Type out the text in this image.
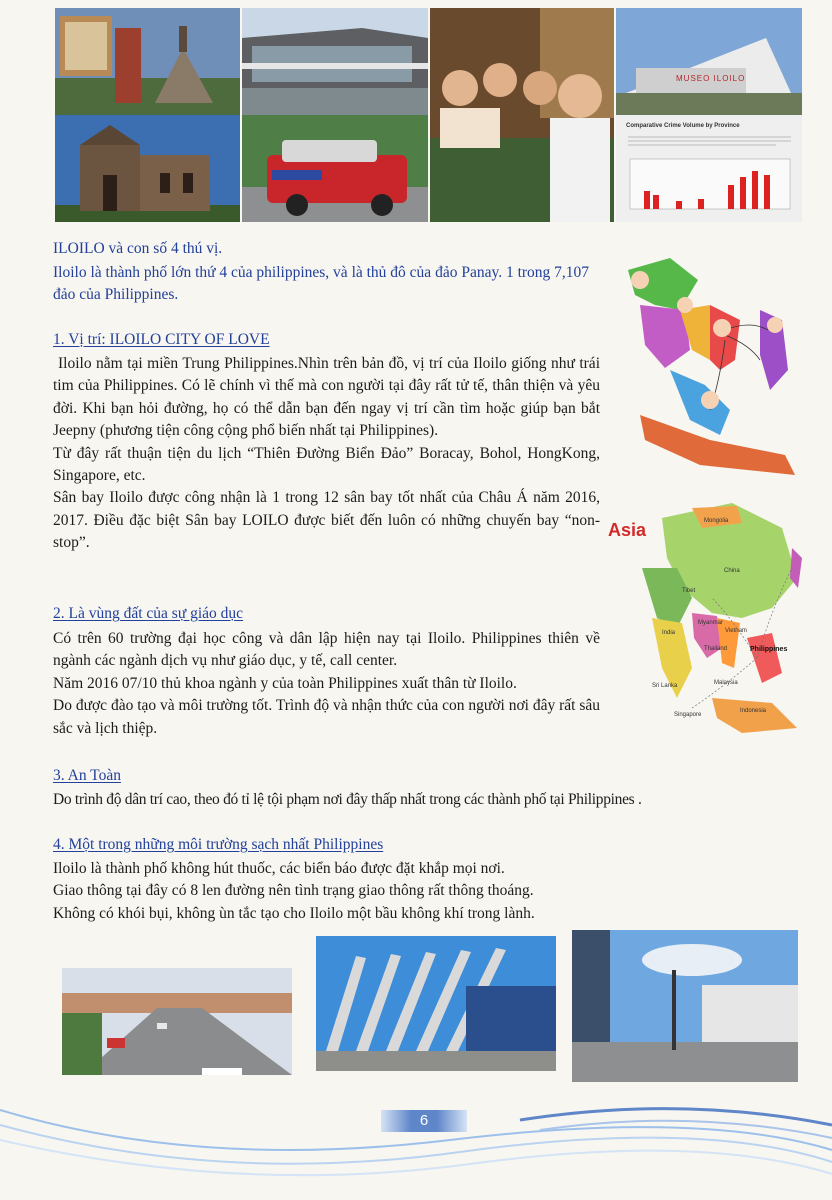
MUSEO ILOILO
Comparative Crime Volume by Province
ILOILO và con số 4 thú vị.
Iloilo là thành phố lớn thứ 4 của philippines, và là thủ đô của đảo Panay. 1 trong 7,107 đảo của Philippines.
1. Vị trí: ILOILO CITY OF LOVE

Iloilo nằm tại miền Trung Philippines.Nhìn trên bản đồ, vị trí của Iloilo giống như trái tim của Philippines. Có lẽ chính vì thế mà con người tại đây rất tử tế, thân thiện và yêu đời. Khi bạn hỏi đường, họ có thể dẫn bạn đến ngay vị trí cần tìm hoặc giúp bạn bắt Jeepny (phương tiện công cộng phổ biến nhất tại Philippines).

Từ đây rất thuận tiện du lịch “Thiên Đường Biển Đảo” Boracay, Bohol, HongKong, Singapore, etc.

Sân bay Iloilo được công nhận là 1 trong 12 sân bay tốt nhất của Châu Á năm 2016, 2017. Điều đặc biệt Sân bay LOILO được biết đến luôn có những chuyến bay “non-stop”.

2. Là vùng đất của sự giáo dục

Có trên 60 trường đại học công và dân lập hiện nay tại Iloilo. Philippines thiên về ngành các ngành dịch vụ như giáo dục, y tế, call center.

Năm 2016 07/10 thủ khoa ngành y của toàn Philippines xuất thân từ Iloilo.

Do được đào tạo và môi trường tốt. Trình độ và nhận thức của con người nơi đây rất sâu sắc và lịch thiệp.

3. An Toàn

Do trình độ dân trí cao, theo đó tỉ lệ tội phạm nơi đây thấp nhất trong các thành phố tại Philippines .

4. Một trong những môi trường sạch nhất Philippines

Iloilo là thành phố không hút thuốc, các biển báo được đặt khắp mọi nơi.

Giao thông tại đây có 8 len đường nên tình trạng giao thông rất thông thoáng.

Không có khói bụi, không ùn tắc tạo cho Iloilo một bầu không khí trong lành.

Asia	Mongolia
China
Tibet
India
Myanmar
Thailand
Vietnam
Philippines
Sri Lanka	Malaysia
Singapore
Indonesia
6
